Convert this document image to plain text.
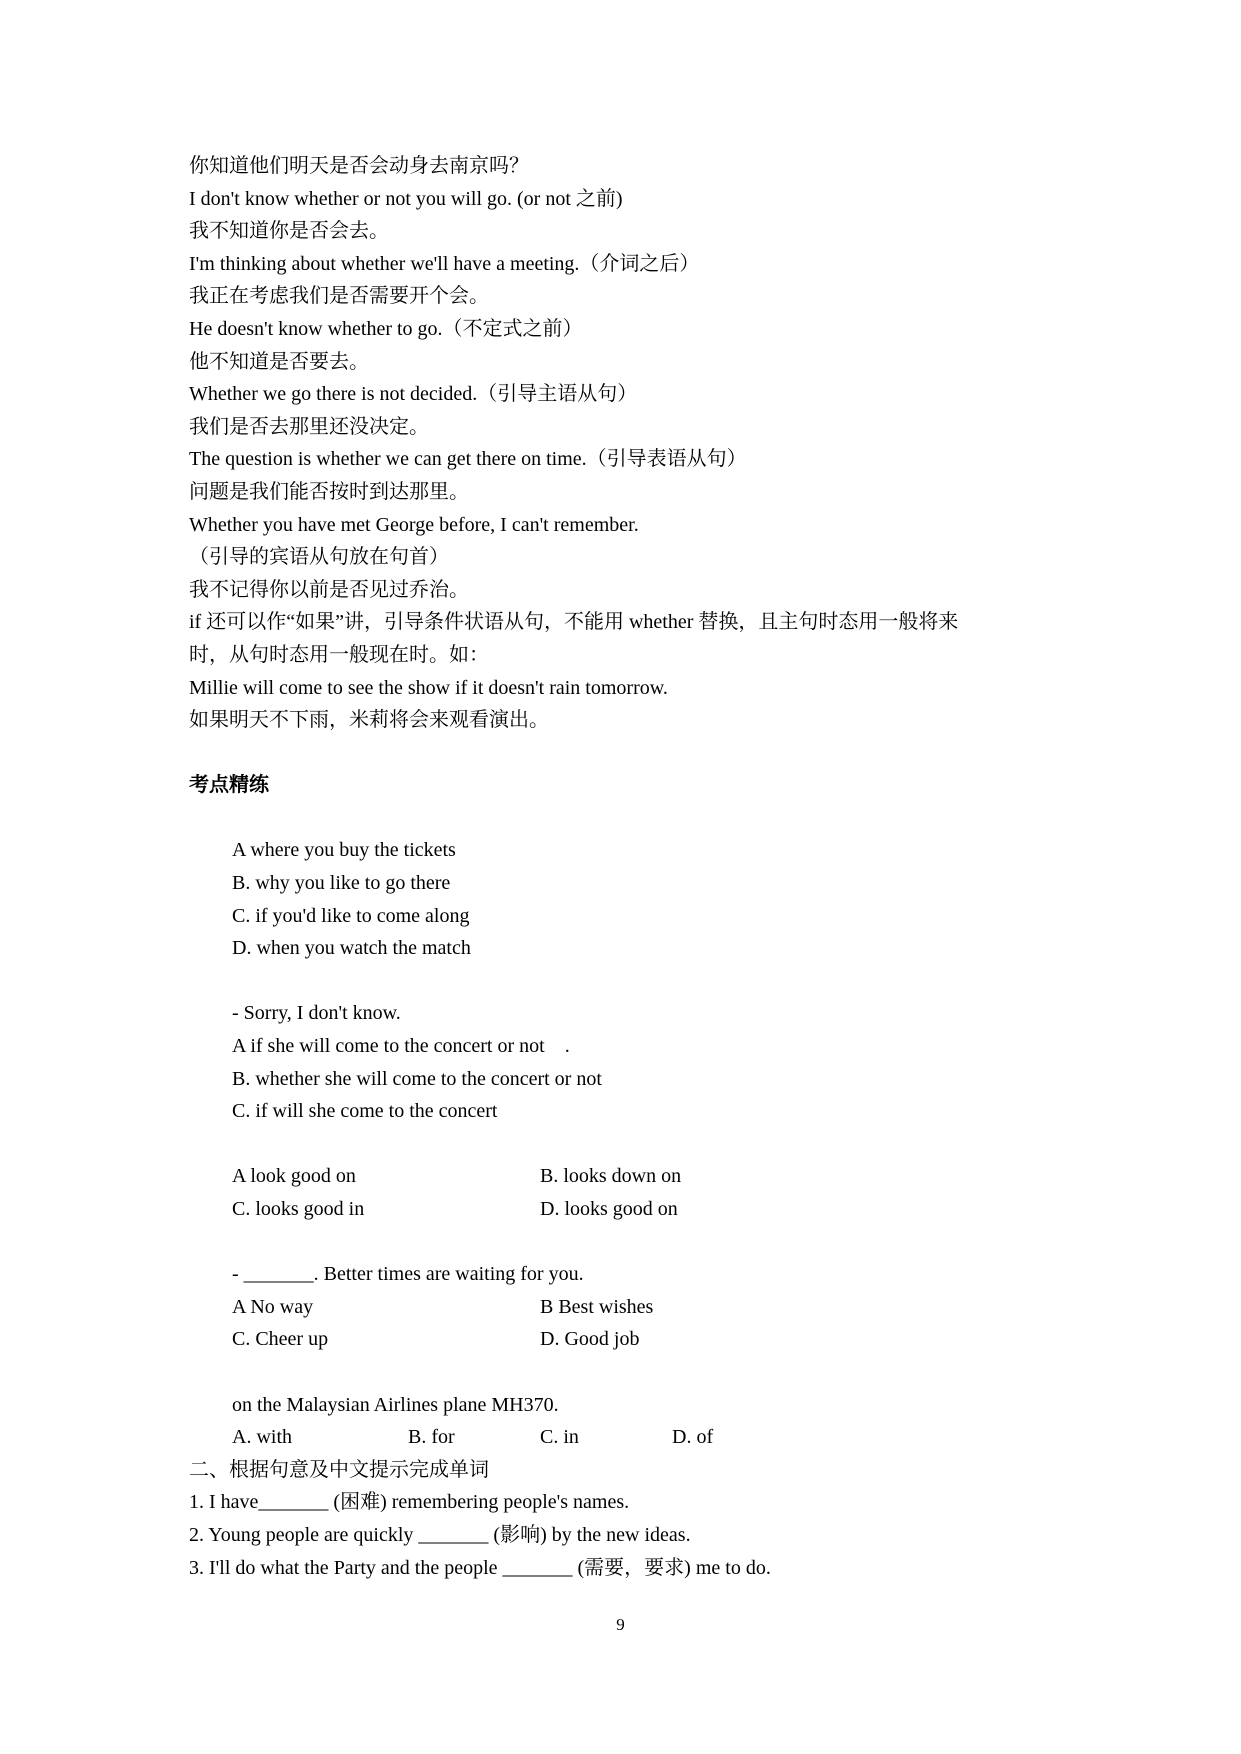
你知道他们明天是否会动身去南京吗？
I don't know whether or not you will go. (or not 之前)
我不知道你是否会去。
I'm thinking about whether we'll have a meeting.（介词之后）
我正在考虑我们是否需要开个会。
He doesn't know whether to go.（不定式之前）
他不知道是否要去。
Whether we go there is not decided.（引导主语从句）
我们是否去那里还没决定。
The question is whether we can get there on time.（引导表语从句）
问题是我们能否按时到达那里。
Whether you have met George before, I can't remember.
（引导的宾语从句放在句首）
我不记得你以前是否见过乔治。
if 还可以作“如果”讲，引导条件状语从句，不能用 whether 替换，且主句时态用一般将来
时，从句时态用一般现在时。如：
Millie will come to see the show if it doesn't rain tomorrow.
如果明天不下雨，米莉将会来观看演出。
考点精练

A where you buy the tickets
B. why you like to go there
C. if you'd like to come along
D. when you watch the match

- Sorry, I don't know.
A if she will come to the concert or not    .
B. whether she will come to the concert or not
C. if will she come to the concert

A look good on	B. looks down on
C. looks good in	D. looks good on

- _______. Better times are waiting for you.
A No way	B Best wishes
C. Cheer up	D. Good job

on the Malaysian Airlines plane MH370.
A. with	B. for	C. in	D. of
二、根据句意及中文提示完成单词
1. I have_______ (困难) remembering people's names.
2. Young people are quickly _______ (影响) by the new ideas.
3. I'll do what the Party and the people _______ (需要，要求) me to do.
9
